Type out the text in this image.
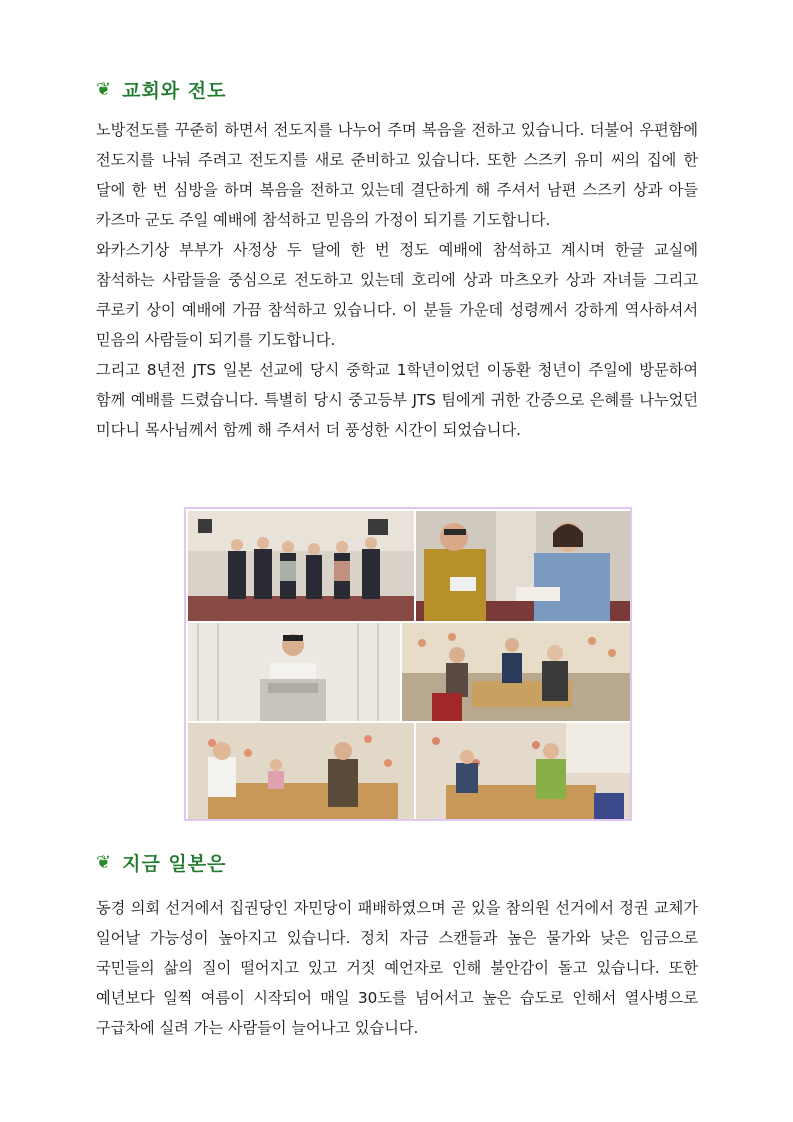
❦ 교회와 전도

노방전도를 꾸준히 하면서 전도지를 나누어 주며 복음을 전하고 있습니다. 더불어 우편함에 전도지를 나눠 주려고 전도지를 새로 준비하고 있습니다. 또한 스즈키 유미 씨의 집에 한 달에 한 번 심방을 하며 복음을 전하고 있는데 결단하게 해 주셔서 남편 스즈키 상과 아들 카즈마 군도 주일 예배에 참석하고 믿음의 가정이 되기를 기도합니다.

와카스기상 부부가 사정상 두 달에 한 번 정도 예배에 참석하고 계시며 한글 교실에 참석하는 사람들을 중심으로 전도하고 있는데 호리에 상과 마츠오카 상과 자녀들 그리고 쿠로키 상이 예배에 가끔 참석하고 있습니다. 이 분들 가운데 성령께서 강하게 역사하셔서 믿음의 사람들이 되기를 기도합니다.

그리고 8년전 JTS 일본 선교에 당시 중학교 1학년이었던 이동환 청년이 주일에 방문하여 함께 예배를 드렸습니다. 특별히 당시 중고등부 JTS 팀에게 귀한 간증으로 은혜를 나누었던 미다니 목사님께서 함께 해 주셔서 더 풍성한 시간이 되었습니다.

❦ 지금 일본은

동경 의회 선거에서 집권당인 자민당이 패배하였으며 곧 있을 참의원 선거에서 정권 교체가 일어날 가능성이 높아지고 있습니다. 정치 자금 스캔들과 높은 물가와 낮은 임금으로 국민들의 삶의 질이 떨어지고 있고 거짓 예언자로 인해 불안감이 돌고 있습니다. 또한 예년보다 일찍 여름이 시작되어 매일 30도를 넘어서고 높은 습도로 인해서 열사병으로 구급차에 실려 가는 사람들이 늘어나고 있습니다.
